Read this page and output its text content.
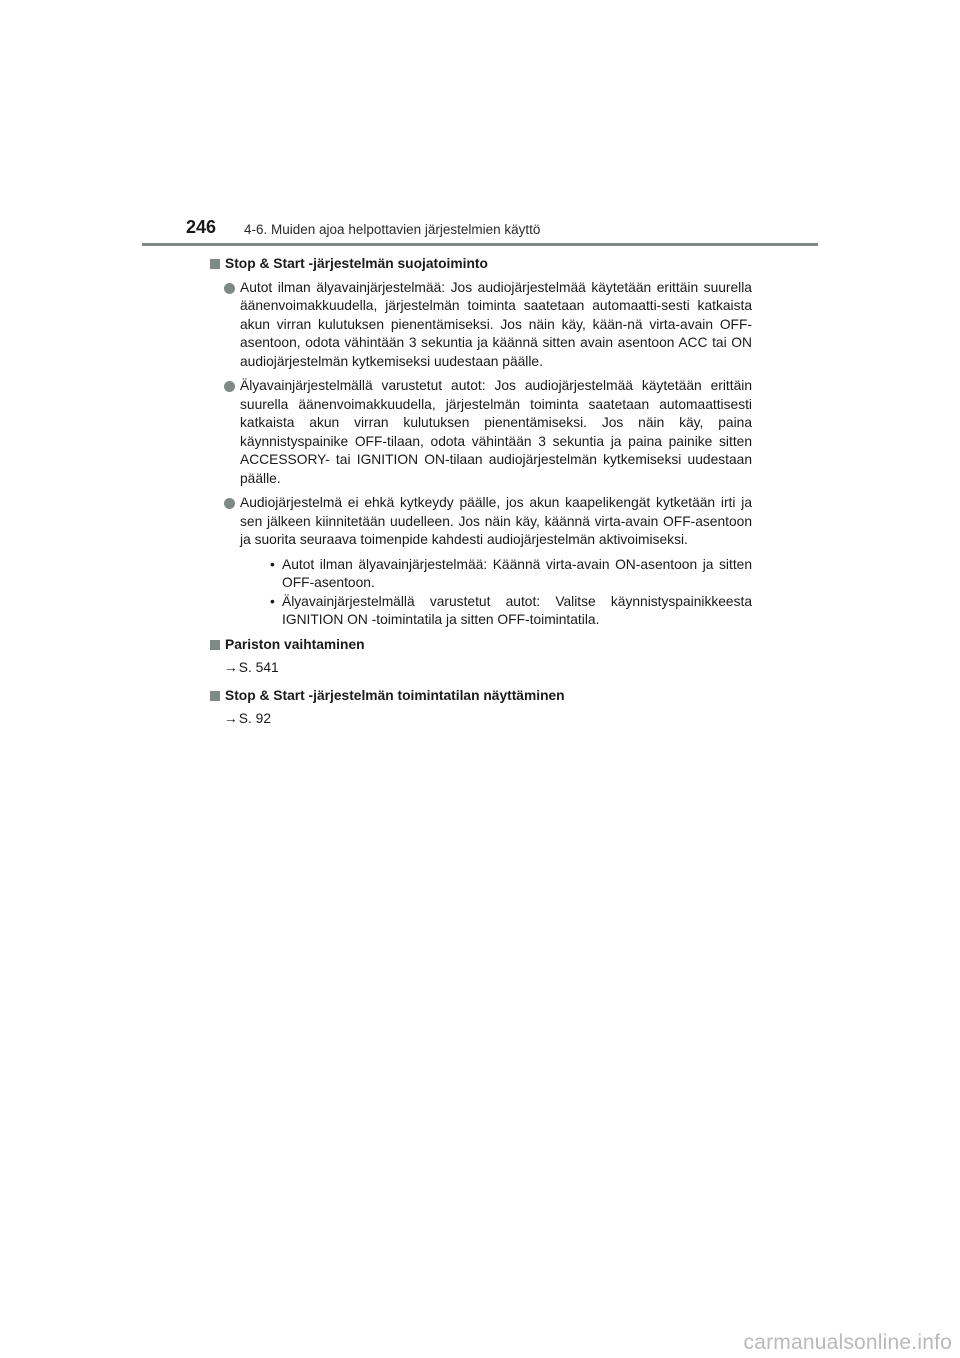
246 4-6. Muiden ajoa helpottavien järjestelmien käyttö
Stop & Start -järjestelmän suojatoiminto
Autot ilman älyavainjärjestelmää: Jos audiojärjestelmää käytetään erittäin suurella äänenvoimakkuudella, järjestelmän toiminta saatetaan automaatti-sesti katkaista akun virran kulutuksen pienentämiseksi. Jos näin käy, kään-nä virta-avain OFF-asentoon, odota vähintään 3 sekuntia ja käännä sitten avain asentoon ACC tai ON audiojärjestelmän kytkemiseksi uudestaan päälle.
Älyavainjärjestelmällä varustetut autot: Jos audiojärjestelmää käytetään erittäin suurella äänenvoimakkuudella, järjestelmän toiminta saatetaan automaattisesti katkaista akun virran kulutuksen pienentämiseksi. Jos näin käy, paina käynnistyspainike OFF-tilaan, odota vähintään 3 sekuntia ja paina painike sitten ACCESSORY- tai IGNITION ON-tilaan audiojärjestelmän kytkemiseksi uudestaan päälle.
Audiojärjestelmä ei ehkä kytkeydy päälle, jos akun kaapelikengät kytketään irti ja sen jälkeen kiinnitetään uudelleen. Jos näin käy, käännä virta-avain OFF-asentoon ja suorita seuraava toimenpide kahdesti audiojärjestelmän aktivoimiseksi.
• Autot ilman älyavainjärjestelmää: Käännä virta-avain ON-asentoon ja sitten OFF-asentoon.
• Älyavainjärjestelmällä varustetut autot: Valitse käynnistyspainikkeesta IGNITION ON -toimintatila ja sitten OFF-toimintatila.
Pariston vaihtaminen
→S. 541
Stop & Start -järjestelmän toimintatilan näyttäminen
→S. 92
carmanualsonline.info
